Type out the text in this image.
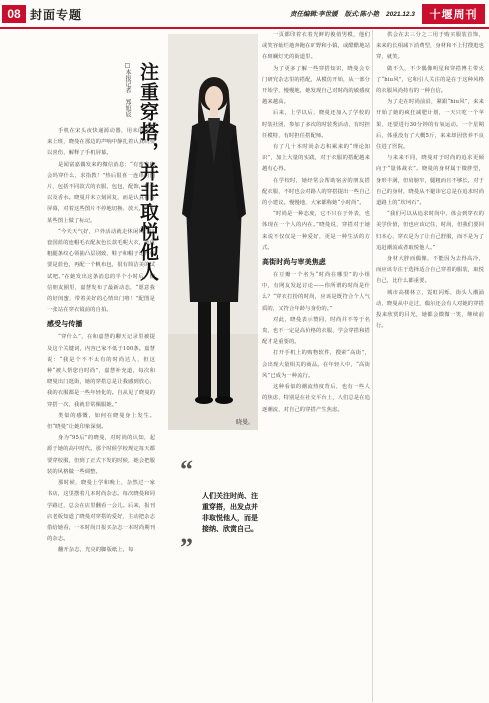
08 封面专题	责任编辑:李世媛 版式:陈小艳 2021.12.3	十堰周刊

手机在宋头夜快递源动器，用未的早上来上班，晓曼在那边的声响中静扎着认真晓曼以喜伤，解释了手机屏幕。

是闻富嘉偶发来的微信消息：“有蜜蜜约会吗穿什么，求指教！”热后很喜一连串的图片，包括不同款式的衣服，包包，配饰，鞋子以及香水。晓曼并未立刻回复，而是认真打着屏幕，对着这些图片不停地切换、放大，并在某些图上做了标记。

“今天天气好，户外活动就走休闲风，这套国蓝的连帽毛衣配灰色长款毛呢大衣，蓝色粗腿条纹心领抽凸层别致，鞋子和帽子记得也要是蓝色，再配一个帆布包，很有简洁美的试试吧。”在她发出这条消息的半个小时后，微信朋友圈里，嘉慧发布了最新动态，“愿意我的好闺蜜，带着美好的心情出门咯！”配图是一张站在穿衣镜前的自拍。

感受与传播

“穿什么”，在和嘉慧的聊天记录里被提及这个关键词，内容已家不低于100条。嘉慧说：“我是个不不太有的时尚达人，但这种“被人帮您自时尚”，嘉慧补充道，每次和晓曼出门逛街，她的穿搭总是让我感到放心，我的衣服都是一些年轻化的。自从见了晓曼的穿搭一次，我就非常佩服她。”

类似的感慨，如何在晓曼身上发生。但“晓曼”让她印象深刻。

身为“95后”的晓曼，对时尚的认知，起源于她的高中时代。那个时候学校规定每天都要穿校服，但到了正式下发的时候，她会把服装的风格做一些调整。

那时候，晓曼上学和晚上，杂然过一家书店，这里摆着几本时尚杂志。每次晓曼和同学路过，总会在店里翻看一会儿。后来，报刊店老板知道了晓曼对穿搭的爱好，主动把杂志借给她看，一本时尚日报买杂志一本时尚期刊的杂志。

翻开杂志，光亮的脚版纸上，每

注重穿搭，并非取悦他人
□本报记者　郑旭宸
晓曼。
“
人们关注时尚、注重穿搭，出发点并非取悦他人，而是接纳、欣赏自己。
”

一页都印着衣着光鲜的俊俏男模，他们或笑容灿烂地奔跑在旷野和小镇，或酷酷地站在斑斓灯光的街道里。

为了更多了解一些穿搭知识，晓曼会专门研究杂志里的搭配，从模仿开始，从一部分开始学，慢慢地，她发现自己对时尚的敏感度越来越高。

后来，上学以后，晓曼还加入了学校的时装社团，参加了多次的时装秀活动，有时担任模特，有时担任搭配师。

有了几十本时尚杂志积累来的“理论知识”，加上大量的实践，对于衣服的搭配越来越有心得。

在学校时，她经常会帮助宿舍的朋友搭配衣服，不时也会对路人的穿搭提出一些自己的小建议。慢慢地，大家都称她“小时尚”。

“时尚是一种态度，它不只在于外表，也体现在一个人的内在。”晓曼说，穿搭对于她来说不仅仅是一种爱好，更是一种生活的方式。

高街时尚与审美焦虑

在豆瓣一个名为“时尚在哪里”的小组中，有网友发起讨论——你所谓的时尚是什么？“穿衣打扮的时尚，应该是既符合个人气质的，又符合年龄与身份的。”

对此，晓曼表示赞同，时尚并不等于名贵，也不一定是高价格的衣服，学会穿搭和搭配才是重要的。

打开手机上的购物软件，搜索“高街”，会出现大量相关的商品。在年轻人中，“高街风”已成为一种流行。

这种看似的潮流热度背后，也有一些人的焦虑，特别是在社交平台上，人们总是在追逐潮流，对自己的穿搭产生焦虑。

供会在去三分之二用于购买服装首饰，来来的长相减下消费型，身材和不上付搜逛也穿，就笑。

做不久，不少偶像明星和穿搭博主带火了“hiu风”，它和引人关注的是在于这种风格的衣服风尚持有的一种自信。

为了走在时尚前沿，紧跟“hiu风”，来来开始了她的疯狂减肥计划，一天只吃一个苹果，还要进行30分钟的有氧运动。一个星期后，体重没有了大概5斤，来来却因营养不良住进了医院。

与来来不同，晓曼对于时尚的追求更倾向于“量体裁衣”。晓曼的身材属于微胖型，身形丰满，但肩膀窄，腿粗而且不够长，对于自己的身材，晓曼从不避讳它总是在追求时尚道路上的“坎坷石”。

“我们可以从追求时尚中，体会到穿衣的美学价值，但也应该记住，时尚，但我们要回归本心，穿衣是为了让自己舒服，而不是为了追赶潮流或者取悦他人。”

身材大胖而偶像，不能因为去得高冷，而应该专注于选择适合自己穿着的服装，取悦自己，比什么都重要。

城市高楼林立，霓虹闪烁，街头人潮涌动，晓曼从中走过，偶尔还会有人对她的穿搭投来欣赏的目光，她都会微微一笑，继续前行。
